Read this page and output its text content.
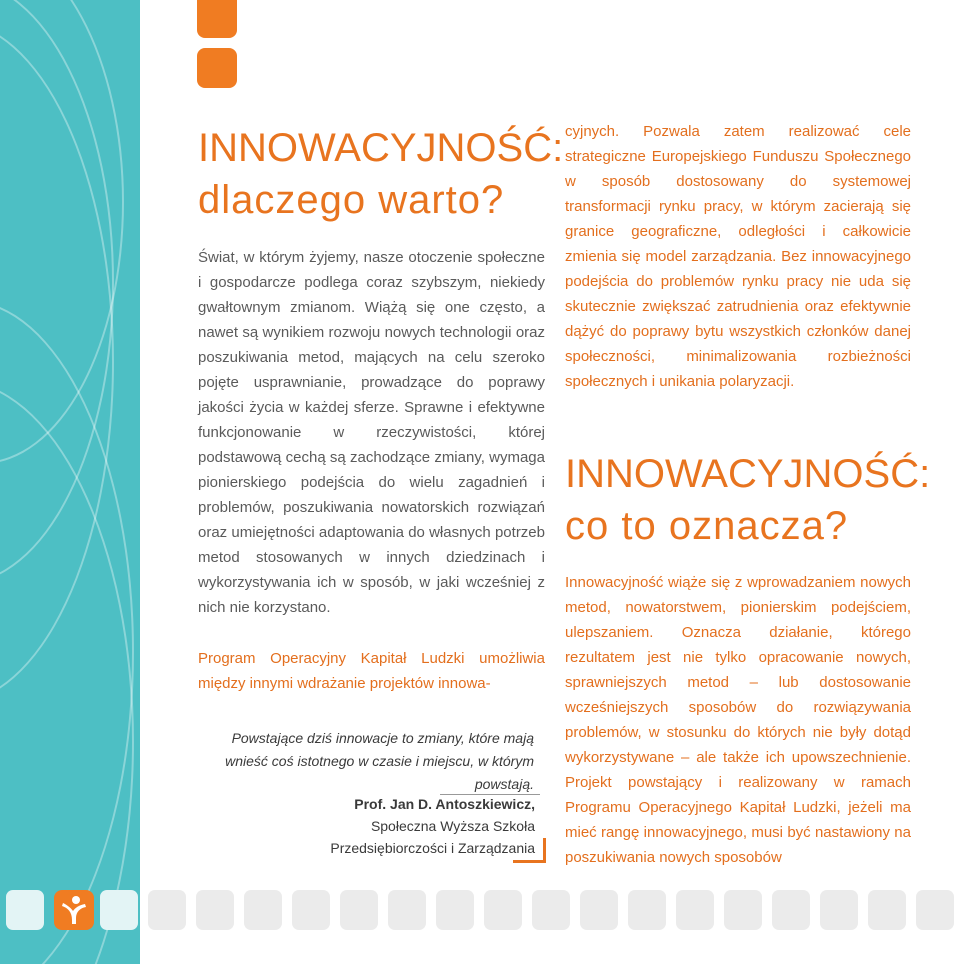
INNOWACYJNOŚĆ:
dlaczego warto?

Świat, w którym żyjemy, nasze otoczenie społeczne i gospodarcze podlega coraz szybszym, niekiedy gwałtownym zmianom. Wiążą się one często, a nawet są wynikiem rozwoju nowych technologii oraz poszukiwania metod, mających na celu szeroko pojęte usprawnianie, prowadzące do poprawy jakości życia w każdej sferze. Sprawne i efektywne funkcjonowanie w rzeczywistości, której podstawową cechą są zachodzące zmiany, wymaga pionierskiego podejścia do wielu zagadnień i problemów, poszukiwania nowatorskich rozwiązań oraz umiejętności adaptowania do własnych potrzeb metod stosowanych w innych dziedzinach i wykorzystywania ich w sposób, w jaki wcześniej z nich nie korzystano.

Program Operacyjny Kapitał Ludzki umożliwia między innymi wdrażanie projektów innowa-

Powstające dziś innowacje to zmiany, które mają wnieść coś istotnego w czasie i miejscu, w którym powstają.

Prof. Jan D. Antoszkiewicz,
Społeczna Wyższa Szkoła
Przedsiębiorczości i Zarządzania

cyjnych. Pozwala zatem realizować cele strategiczne Europejskiego Funduszu Społecznego w sposób dostosowany do systemowej transformacji rynku pracy, w którym zacierają się granice geograficzne, odległości i całkowicie zmienia się model zarządzania. Bez innowacyjnego podejścia do problemów rynku pracy nie uda się skutecznie zwiększać zatrudnienia oraz efektywnie dążyć do poprawy bytu wszystkich członków danej społeczności, minimalizowania rozbieżności społecznych i unikania polaryzacji.

INNOWACYJNOŚĆ:
co to oznacza?

Innowacyjność wiąże się z wprowadzaniem nowych metod, nowatorstwem, pionierskim podejściem, ulepszaniem. Oznacza działanie, którego rezultatem jest nie tylko opracowanie nowych, sprawniejszych metod – lub dostosowanie wcześniejszych sposobów do rozwiązywania problemów, w stosunku do których nie były dotąd wykorzystywane – ale także ich upowszechnienie. Projekt powstający i realizowany w ramach Programu Operacyjnego Kapitał Ludzki, jeżeli ma mieć rangę innowacyjnego, musi być nastawiony na poszukiwania nowych sposobów
